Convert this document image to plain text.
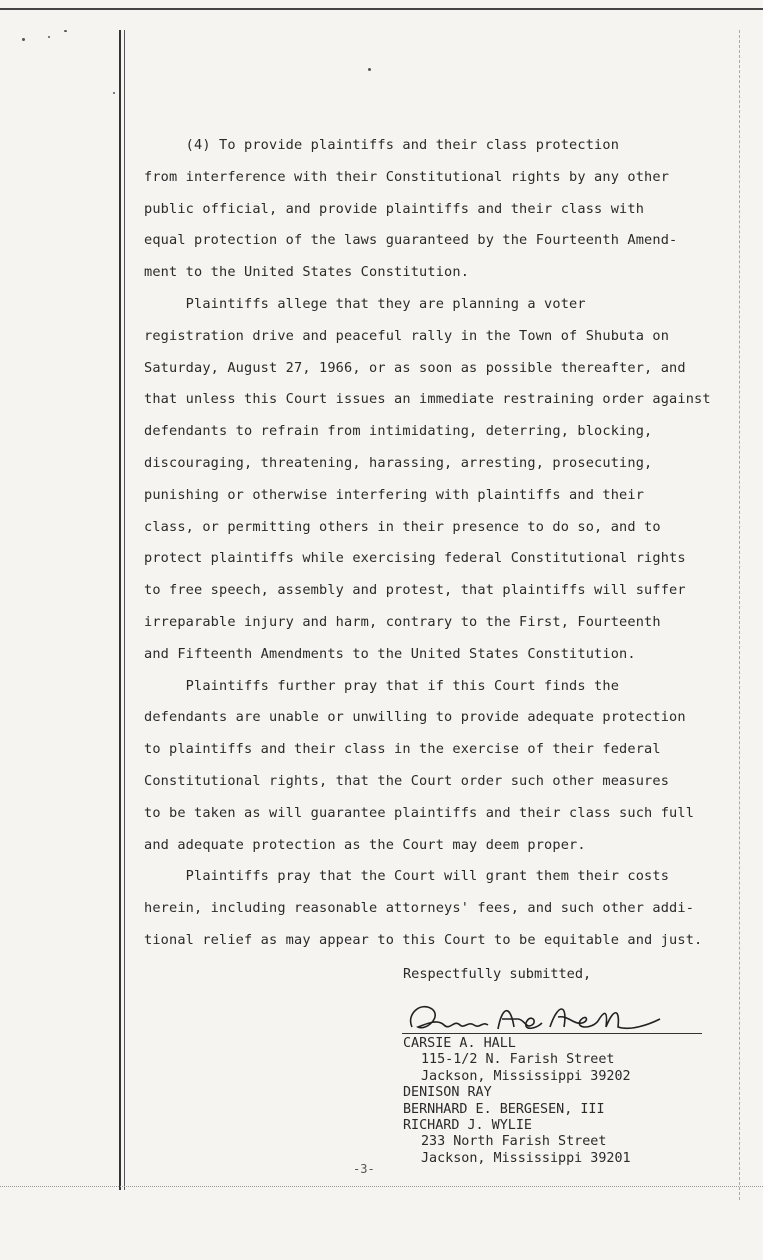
(4) To provide plaintiffs and their class protection
from interference with their Constitutional rights by any other
public official, and provide plaintiffs and their class with
equal protection of the laws guaranteed by the Fourteenth Amend-
ment to the United States Constitution.
Plaintiffs allege that they are planning a voter
registration drive and peaceful rally in the Town of Shubuta on
Saturday, August 27, 1966, or as soon as possible thereafter, and
that unless this Court issues an immediate restraining order against
defendants to refrain from intimidating, deterring, blocking,
discouraging, threatening, harassing, arresting, prosecuting,
punishing or otherwise interfering with plaintiffs and their
class, or permitting others in their presence to do so, and to
protect plaintiffs while exercising federal Constitutional rights
to free speech, assembly and protest, that plaintiffs will suffer
irreparable injury and harm, contrary to the First, Fourteenth
and Fifteenth Amendments to the United States Constitution.
Plaintiffs further pray that if this Court finds the
defendants are unable or unwilling to provide adequate protection
to plaintiffs and their class in the exercise of their federal
Constitutional rights, that the Court order such other measures
to be taken as will guarantee plaintiffs and their class such full
and adequate protection as the Court may deem proper.
Plaintiffs pray that the Court will grant them their costs
herein, including reasonable attorneys' fees, and such other addi-
tional relief as may appear to this Court to be equitable and just.
Respectfully submitted,
CARSIE A. HALL
115-1/2 N. Farish Street
Jackson, Mississippi 39202
DENISON RAY
BERNHARD E. BERGESEN, III
RICHARD J. WYLIE
233 North Farish Street
Jackson, Mississippi 39201
-3-
